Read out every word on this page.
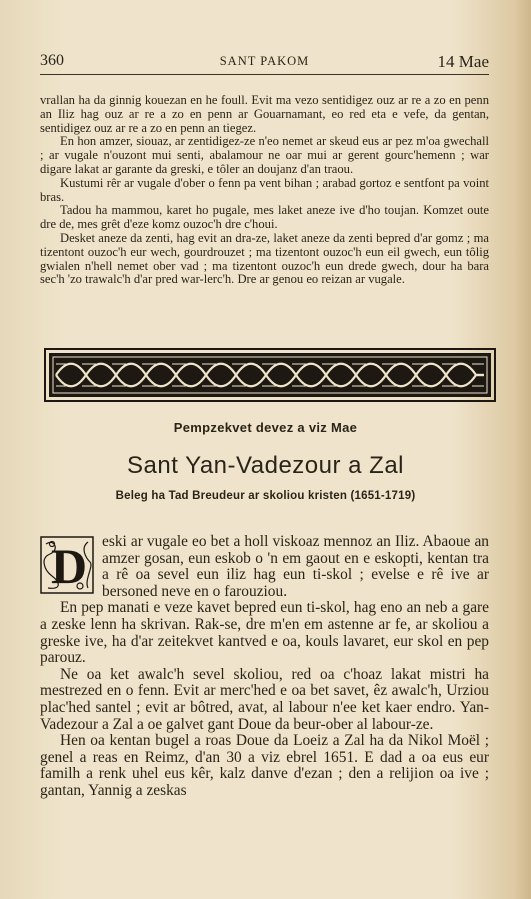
360	SANT PAKOM	14 Mae

vrallan ha da ginnig kouezan en he foull. Evit ma vezo sentidigez ouz ar re a zo en penn an Iliz hag ouz ar re a zo en penn ar Gouarnamant, eo red eta e vefe, da gentan, sentidigez ouz ar re a zo en penn an tiegez.

En hon amzer, siouaz, ar zentidigez-ze n'eo nemet ar skeud eus ar pez m'oa gwechall ; ar vugale n'ouzont mui senti, abalamour ne oar mui ar gerent gourc'hemenn ; war digare lakat ar garante da greski, e tôler an doujanz d'an traou.

Kustumi rêr ar vugale d'ober o fenn pa vent bihan ; arabad gortoz e sentfont pa voint bras.

Tadou ha mammou, karet ho pugale, mes laket aneze ive d'ho toujan. Komzet oute dre de, mes grêt d'eze komz ouzoc'h dre c'houi.

Desket aneze da zenti, hag evit an dra-ze, laket aneze da zenti bepred d'ar gomz ; ma tizentont ouzoc'h eur wech, gourdrouzet ; ma tizentont ouzoc'h eun eil gwech, eun tôlig gwialen n'hell nemet ober vad ; ma tizentont ouzoc'h eun drede gwech, dour ha bara sec'h 'zo trawalc'h d'ar pred war-lerc'h. Dre ar genou eo reizan ar vugale.

Pempzekvet devez a viz Mae
Sant Yan-Vadezour a Zal
Beleg ha Tad Breudeur ar skoliou kristen (1651-1719)
D eski ar vugale eo bet a holl viskoaz mennoz an Iliz. Abaoue an amzer gosan, eun eskob o 'n em gaout en e eskopti, kentan tra a rê oa sevel eun iliz hag eun ti-skol ; evelse e rê ive ar bersoned neve en o farouziou.

En pep manati e veze kavet bepred eun ti-skol, hag eno an neb a gare a zeske lenn ha skrivan. Rak-se, dre m'en em astenne ar fe, ar skoliou a greske ive, ha d'ar zeitekvet kantved e oa, kouls lavaret, eur skol en pep parouz.

Ne oa ket awalc'h sevel skoliou, red oa c'hoaz lakat mistri ha mestrezed en o fenn. Evit ar merc'hed e oa bet savet, êz awalc'h, Urziou plac'hed santel ; evit ar bôtred, avat, al labour n'ee ket kaer endro. Yan-Vadezour a Zal a oe galvet gant Doue da beur-ober al labour-ze.

Hen oa kentan bugel a roas Doue da Loeiz a Zal ha da Nikol Moël ; genel a reas en Reimz, d'an 30 a viz ebrel 1651. E dad a oa eus eur familh a renk uhel eus kêr, kalz danve d'ezan ; den a relijion oa ive ; gantan, Yannig a zeskas
